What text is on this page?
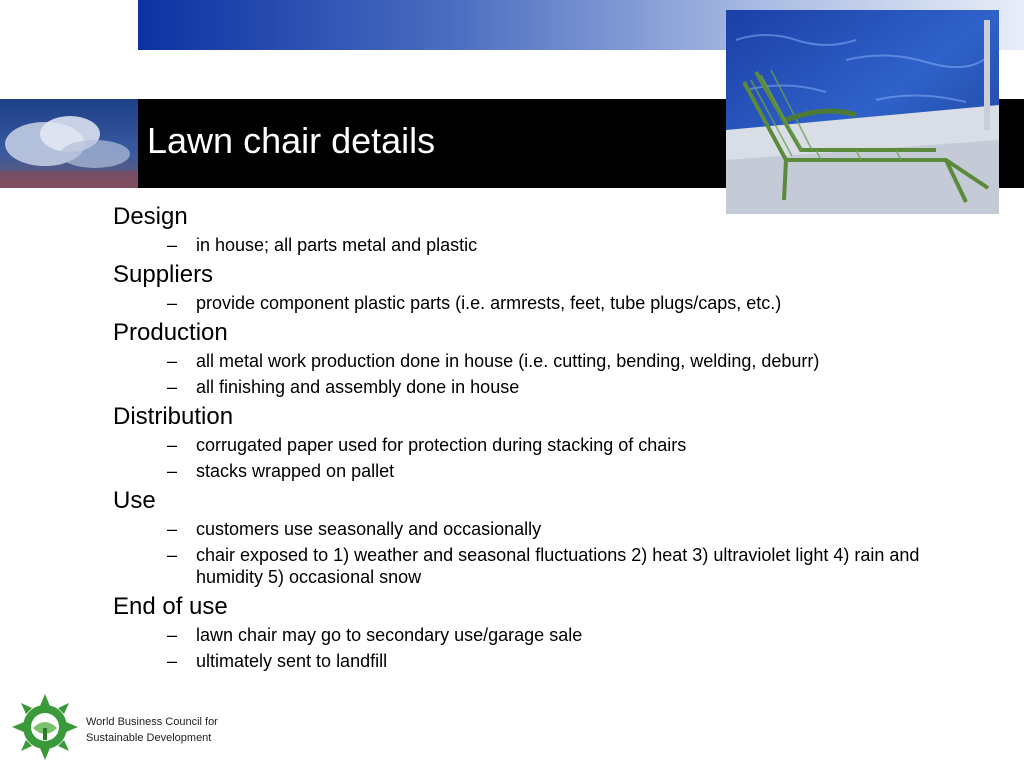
Lawn chair details
Design
– in house; all parts metal and plastic
Suppliers
– provide component plastic parts (i.e. armrests, feet, tube plugs/caps, etc.)
Production
– all metal work production done in house (i.e. cutting, bending, welding, deburr)
– all finishing and assembly done in house
Distribution
– corrugated paper used for protection during stacking of chairs
– stacks wrapped on pallet
Use
– customers use seasonally and occasionally
– chair exposed to 1) weather and seasonal fluctuations 2) heat 3) ultraviolet light 4) rain and humidity 5) occasional snow
End of use
– lawn chair may go to secondary use/garage sale
– ultimately sent to landfill
World Business Council for
Sustainable Development
